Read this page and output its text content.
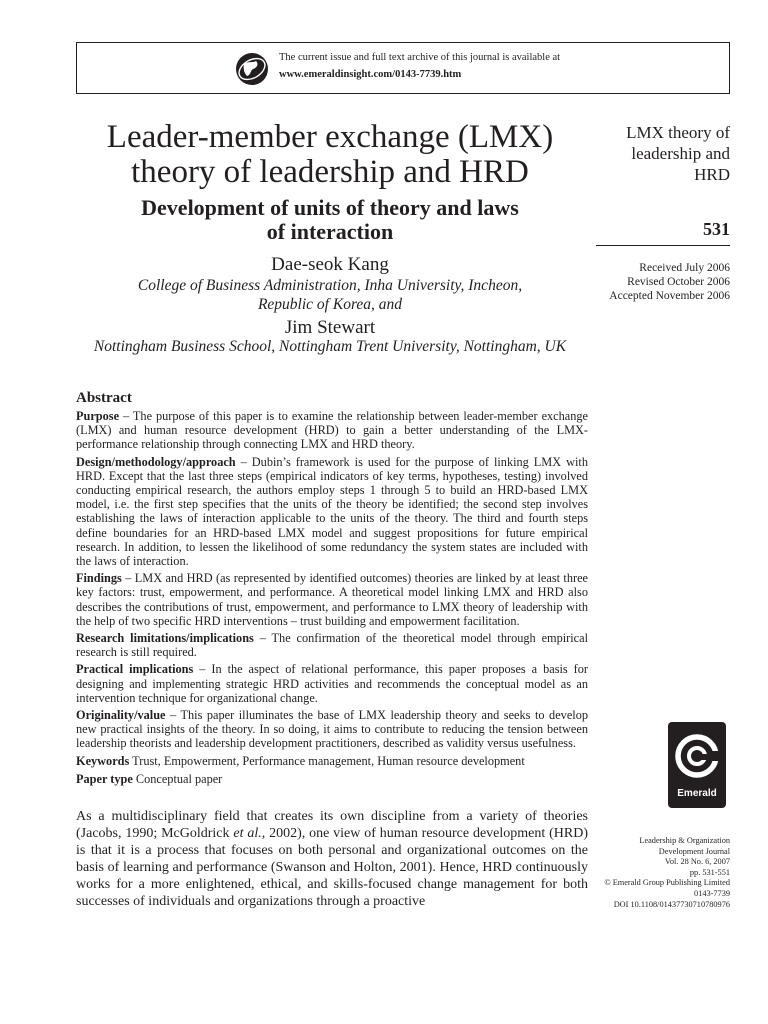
The current issue and full text archive of this journal is available at
www.emeraldinsight.com/0143-7739.htm
Leader-member exchange (LMX)
theory of leadership and HRD
Development of units of theory and laws
of interaction
Dae-seok Kang
College of Business Administration, Inha University, Incheon,
Republic of Korea, and
Jim Stewart
Nottingham Business School, Nottingham Trent University, Nottingham, UK
LMX theory of
leadership and
HRD
531
Received July 2006
Revised October 2006
Accepted November 2006
Abstract

Purpose – The purpose of this paper is to examine the relationship between leader-member exchange (LMX) and human resource development (HRD) to gain a better understanding of the LMX-performance relationship through connecting LMX and HRD theory.

Design/methodology/approach – Dubin’s framework is used for the purpose of linking LMX with HRD. Except that the last three steps (empirical indicators of key terms, hypotheses, testing) involved conducting empirical research, the authors employ steps 1 through 5 to build an HRD-based LMX model, i.e. the first step specifies that the units of the theory be identified; the second step involves establishing the laws of interaction applicable to the units of the theory. The third and fourth steps define boundaries for an HRD-based LMX model and suggest propositions for future empirical research. In addition, to lessen the likelihood of some redundancy the system states are included with the laws of interaction.

Findings – LMX and HRD (as represented by identified outcomes) theories are linked by at least three key factors: trust, empowerment, and performance. A theoretical model linking LMX and HRD also describes the contributions of trust, empowerment, and performance to LMX theory of leadership with the help of two specific HRD interventions – trust building and empowerment facilitation.

Research limitations/implications – The confirmation of the theoretical model through empirical research is still required.

Practical implications – In the aspect of relational performance, this paper proposes a basis for designing and implementing strategic HRD activities and recommends the conceptual model as an intervention technique for organizational change.

Originality/value – This paper illuminates the base of LMX leadership theory and seeks to develop new practical insights of the theory. In so doing, it aims to contribute to reducing the tension between leadership theorists and leadership development practitioners, described as validity versus usefulness.

Keywords Trust, Empowerment, Performance management, Human resource development

Paper type Conceptual paper

As a multidisciplinary field that creates its own discipline from a variety of theories (Jacobs, 1990; McGoldrick et al., 2002), one view of human resource development (HRD) is that it is a process that focuses on both personal and organizational outcomes on the basis of learning and performance (Swanson and Holton, 2001). Hence, HRD continuously works for a more enlightened, ethical, and skills-focused change management for both successes of individuals and organizations through a proactive

Emerald
Leadership & Organization
Development Journal
Vol. 28 No. 6, 2007
pp. 531-551
© Emerald Group Publishing Limited
0143-7739
DOI 10.1108/01437730710780976
